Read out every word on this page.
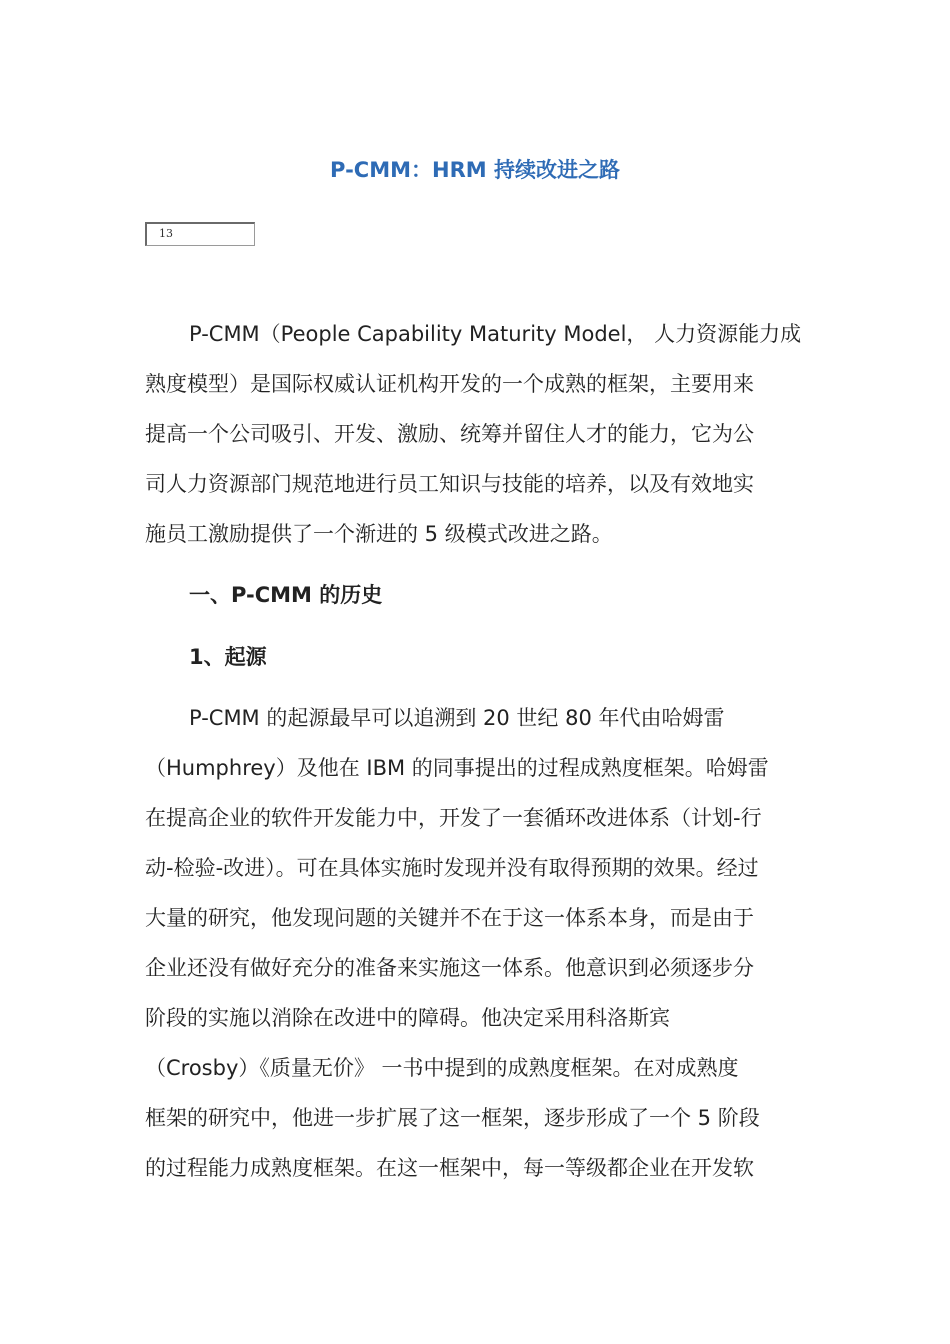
P-CMM：HRM 持续改进之路
13
P-CMM（People Capability Maturity Model， 人力资源能力成
熟度模型）是国际权威认证机构开发的一个成熟的框架，主要用来
提高一个公司吸引、开发、激励、统筹并留住人才的能力，它为公
司人力资源部门规范地进行员工知识与技能的培养，以及有效地实
施员工激励提供了一个渐进的 5 级模式改进之路。
一、P-CMM 的历史
1、起源
P-CMM 的起源最早可以追溯到 20 世纪 80 年代由哈姆雷
（Humphrey）及他在 IBM 的同事提出的过程成熟度框架。哈姆雷
在提高企业的软件开发能力中，开发了一套循环改进体系（计划-行
动-检验-改进）。可在具体实施时发现并没有取得预期的效果。经过
大量的研究，他发现问题的关键并不在于这一体系本身，而是由于
企业还没有做好充分的准备来实施这一体系。他意识到必须逐步分
阶段的实施以消除在改进中的障碍。他决定采用科洛斯宾
（Crosby）《质量无价》 一书中提到的成熟度框架。在对成熟度
框架的研究中，他进一步扩展了这一框架，逐步形成了一个 5 阶段
的过程能力成熟度框架。在这一框架中，每一等级都企业在开发软
